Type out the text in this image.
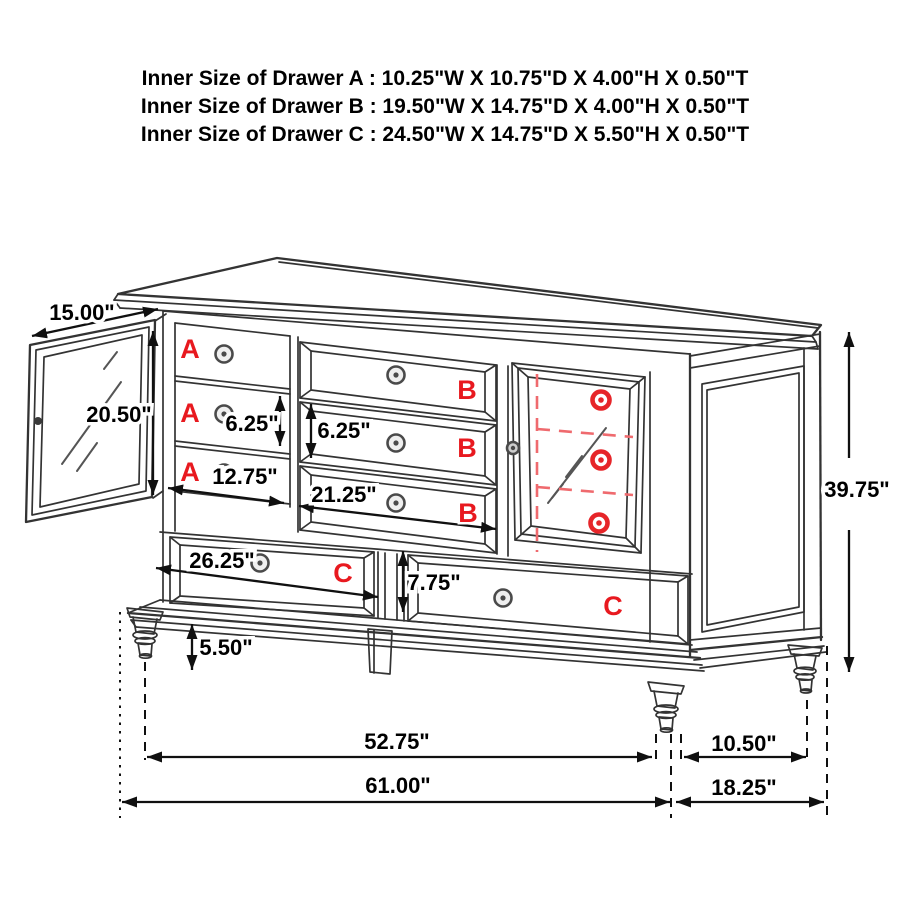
Inner Size of Drawer A : 10.25"W X 10.75"D X 4.00"H X 0.50"T
Inner Size of Drawer B : 19.50"W X 14.75"D X 4.00"H X 0.50"T
Inner Size of Drawer C : 24.50"W X 14.75"D X 5.50"H X 0.50"T
15.00"
20.50"	6.25" 6.25"
12.75"
21.25"
26.25"
7.75"
5.50"
39.75"
52.75"	10.50"
61.00"	18.25"
A
A
A
B
B
B
C
C
